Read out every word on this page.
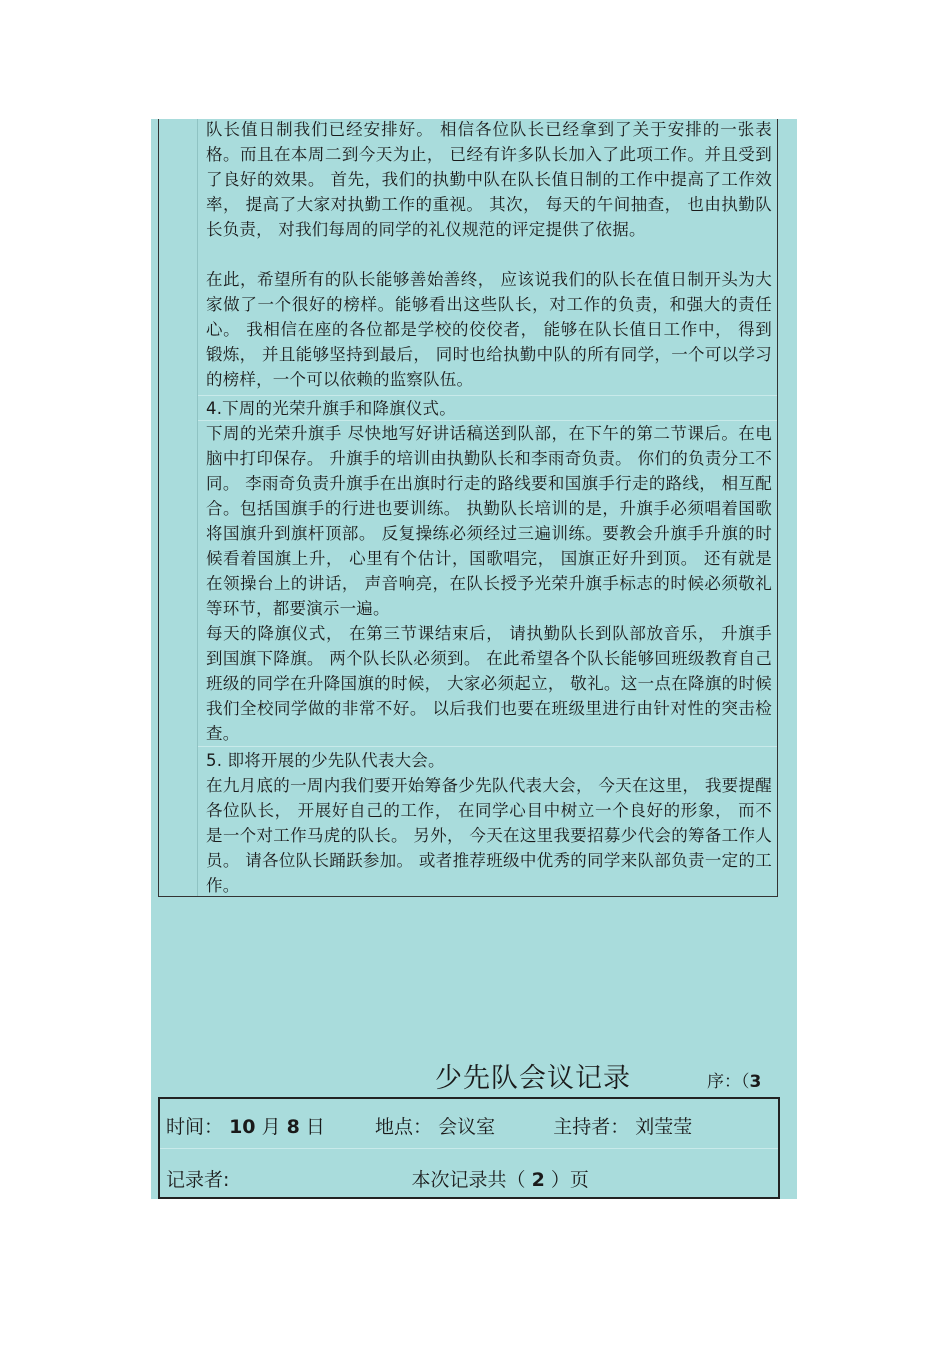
队长值日制我们已经安排好。 相信各位队长已经拿到了关于安排的一张表格。而且在本周二到今天为止， 已经有许多队长加入了此项工作。并且受到了良好的效果。 首先，我们的执勤中队在队长值日制的工作中提高了工作效率， 提高了大家对执勤工作的重视。 其次， 每天的午间抽查， 也由执勤队长负责， 对我们每周的同学的礼仪规范的评定提供了依据。

在此，希望所有的队长能够善始善终， 应该说我们的队长在值日制开头为大家做了一个很好的榜样。能够看出这些队长，对工作的负责，和强大的责任心。 我相信在座的各位都是学校的佼佼者， 能够在队长值日工作中， 得到锻炼， 并且能够坚持到最后， 同时也给执勤中队的所有同学，一个可以学习的榜样，一个可以依赖的监察队伍。

4.下周的光荣升旗手和降旗仪式。

下周的光荣升旗手 尽快地写好讲话稿送到队部，在下午的第二节课后。在电脑中打印保存。 升旗手的培训由执勤队长和李雨奇负责。 你们的负责分工不同。 李雨奇负责升旗手在出旗时行走的路线要和国旗手行走的路线， 相互配合。包括国旗手的行进也要训练。 执勤队长培训的是，升旗手必须唱着国歌将国旗升到旗杆顶部。 反复操练必须经过三遍训练。要教会升旗手升旗的时候看着国旗上升， 心里有个估计，国歌唱完， 国旗正好升到顶。 还有就是在领操台上的讲话， 声音响亮，在队长授予光荣升旗手标志的时候必须敬礼等环节，都要演示一遍。

每天的降旗仪式， 在第三节课结束后， 请执勤队长到队部放音乐， 升旗手到国旗下降旗。 两个队长队必须到。 在此希望各个队长能够回班级教育自己班级的同学在升降国旗的时候， 大家必须起立， 敬礼。这一点在降旗的时候我们全校同学做的非常不好。 以后我们也要在班级里进行由针对性的突击检查。

5. 即将开展的少先队代表大会。

在九月底的一周内我们要开始筹备少先队代表大会， 今天在这里， 我要提醒各位队长， 开展好自己的工作， 在同学心目中树立一个良好的形象， 而不是一个对工作马虎的队长。 另外， 今天在这里我要招募少代会的筹备工作人员。 请各位队长踊跃参加。 或者推荐班级中优秀的同学来队部负责一定的工作。

少先队会议记录	序：（3
时间： 10 月 8 日	地点： 会议室	主持者： 刘莹莹
记录者:	本次记录共（ 2 ）页
